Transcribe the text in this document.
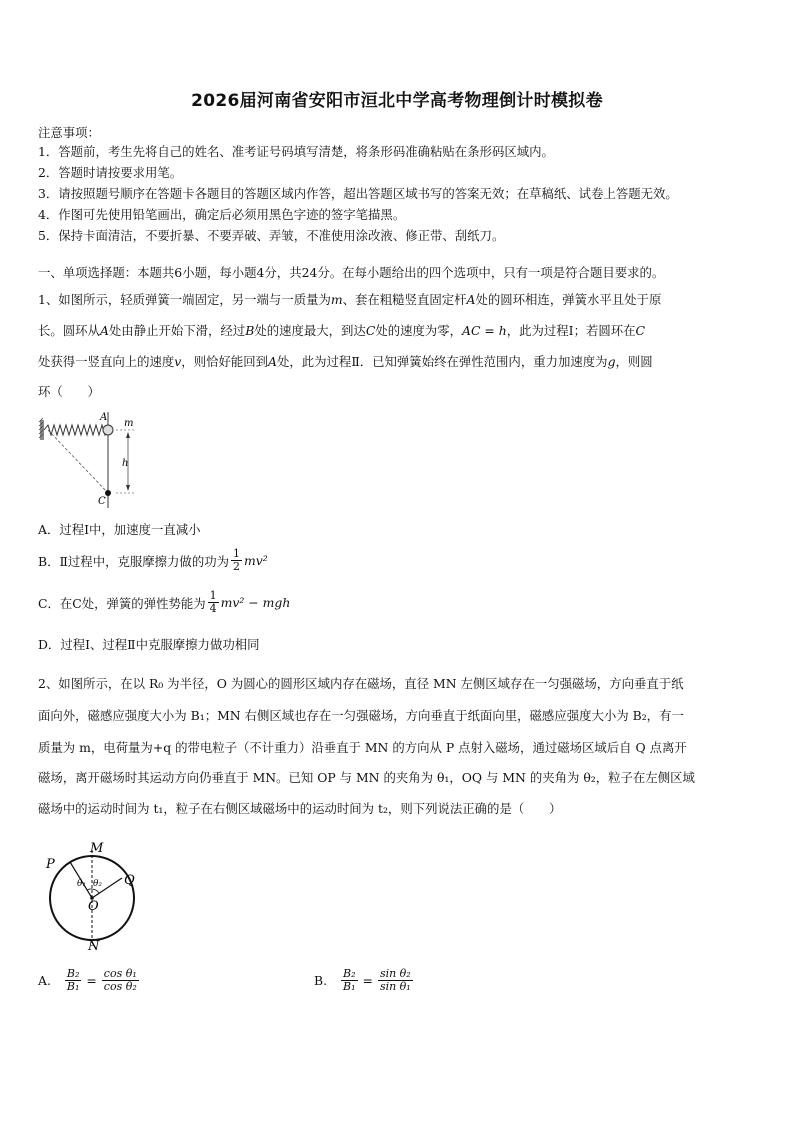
2026届河南省安阳市洹北中学高考物理倒计时模拟卷
注意事项：
1．答题前，考生先将自己的姓名、准考证号码填写清楚，将条形码准确粘贴在条形码区域内。
2．答题时请按要求用笔。
3．请按照题号顺序在答题卡各题目的答题区域内作答，超出答题区域书写的答案无效；在草稿纸、试卷上答题无效。
4．作图可先使用铅笔画出，确定后必须用黑色字迹的签字笔描黑。
5．保持卡面清洁，不要折暴、不要弄破、弄皱，不准使用涂改液、修正带、刮纸刀。
一、单项选择题：本题共6小题，每小题4分，共24分。在每小题给出的四个选项中，只有一项是符合题目要求的。
1、如图所示，轻质弹簧一端固定，另一端与一质量为m、套在粗糙竖直固定杆A处的圆环相连，弹簧水平且处于原
长。圆环从A处由静止开始下滑，经过B处的速度最大，到达C处的速度为零，AC = h，此为过程Ⅰ；若圆环在C
处获得一竖直向上的速度v，则恰好能回到A处，此为过程Ⅱ．已知弹簧始终在弹性范围内，重力加速度为g，则圆
环（　　）
A
m
h
C
A．过程Ⅰ中，加速度一直减小
B．Ⅱ过程中，克服摩擦力做的功为 $\frac{1}{2} mv^2$
C．在C处，弹簧的弹性势能为 $\frac{1}{4} mv^2$ − mgh
D．过程Ⅰ、过程Ⅱ中克服摩擦力做功相同
2、如图所示，在以 R₀ 为半径，O 为圆心的圆形区域内存在磁场，直径 MN 左侧区域存在一匀强磁场，方向垂直于纸
面向外，磁感应强度大小为 B₁；MN 右侧区域也存在一匀强磁场，方向垂直于纸面向里，磁感应强度大小为 B₂，有一
质量为 m，电荷量为+q 的带电粒子（不计重力）沿垂直于 MN 的方向从 P 点射入磁场，通过磁场区域后自 Q 点离开
磁场，离开磁场时其运动方向仍垂直于 MN。已知 OP 与 MN 的夹角为 θ₁，OQ 与 MN 的夹角为 θ₂，粒子在左侧区域
磁场中的运动时间为 t₁，粒子在右侧区域磁场中的运动时间为 t₂，则下列说法正确的是（　　）
M
N
P
Q
O
θ₁ θ₂
A. $\frac{\text{B₂}}{\text{B₁}} = \frac{\text{cos θ₁}}{\text{cos θ₂}}$	B. $\frac{\text{B₂}}{\text{B₁}} = \frac{\text{sin θ₂}}{\text{sin θ₁}}$
